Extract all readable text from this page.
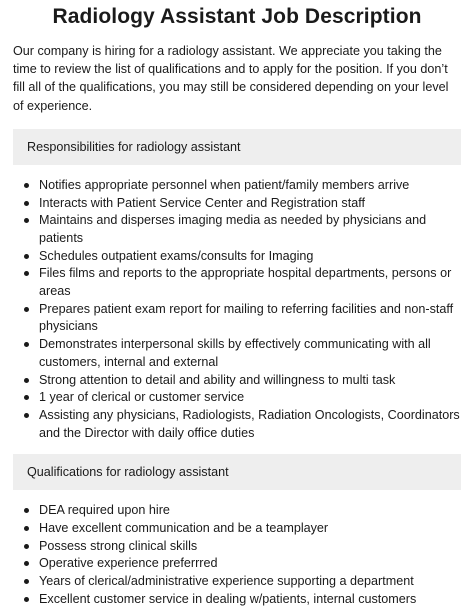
Radiology Assistant Job Description

Our company is hiring for a radiology assistant. We appreciate you taking the time to review the list of qualifications and to apply for the position. If you don’t fill all of the qualifications, you may still be considered depending on your level of experience.

Responsibilities for radiology assistant
Notifies appropriate personnel when patient/family members arrive
Interacts with Patient Service Center and Registration staff
Maintains and disperses imaging media as needed by physicians and patients
Schedules outpatient exams/consults for Imaging
Files films and reports to the appropriate hospital departments, persons or areas
Prepares patient exam report for mailing to referring facilities and non-staff physicians
Demonstrates interpersonal skills by effectively communicating with all customers, internal and external
Strong attention to detail and ability and willingness to multi task
1 year of clerical or customer service
Assisting any physicians, Radiologists, Radiation Oncologists, Coordinators and the Director with daily office duties
Qualifications for radiology assistant
DEA required upon hire
Have excellent communication and be a teamplayer
Possess strong clinical skills
Operative experience preferrred
Years of clerical/administrative experience supporting a department
Excellent customer service in dealing w/patients, internal customers
